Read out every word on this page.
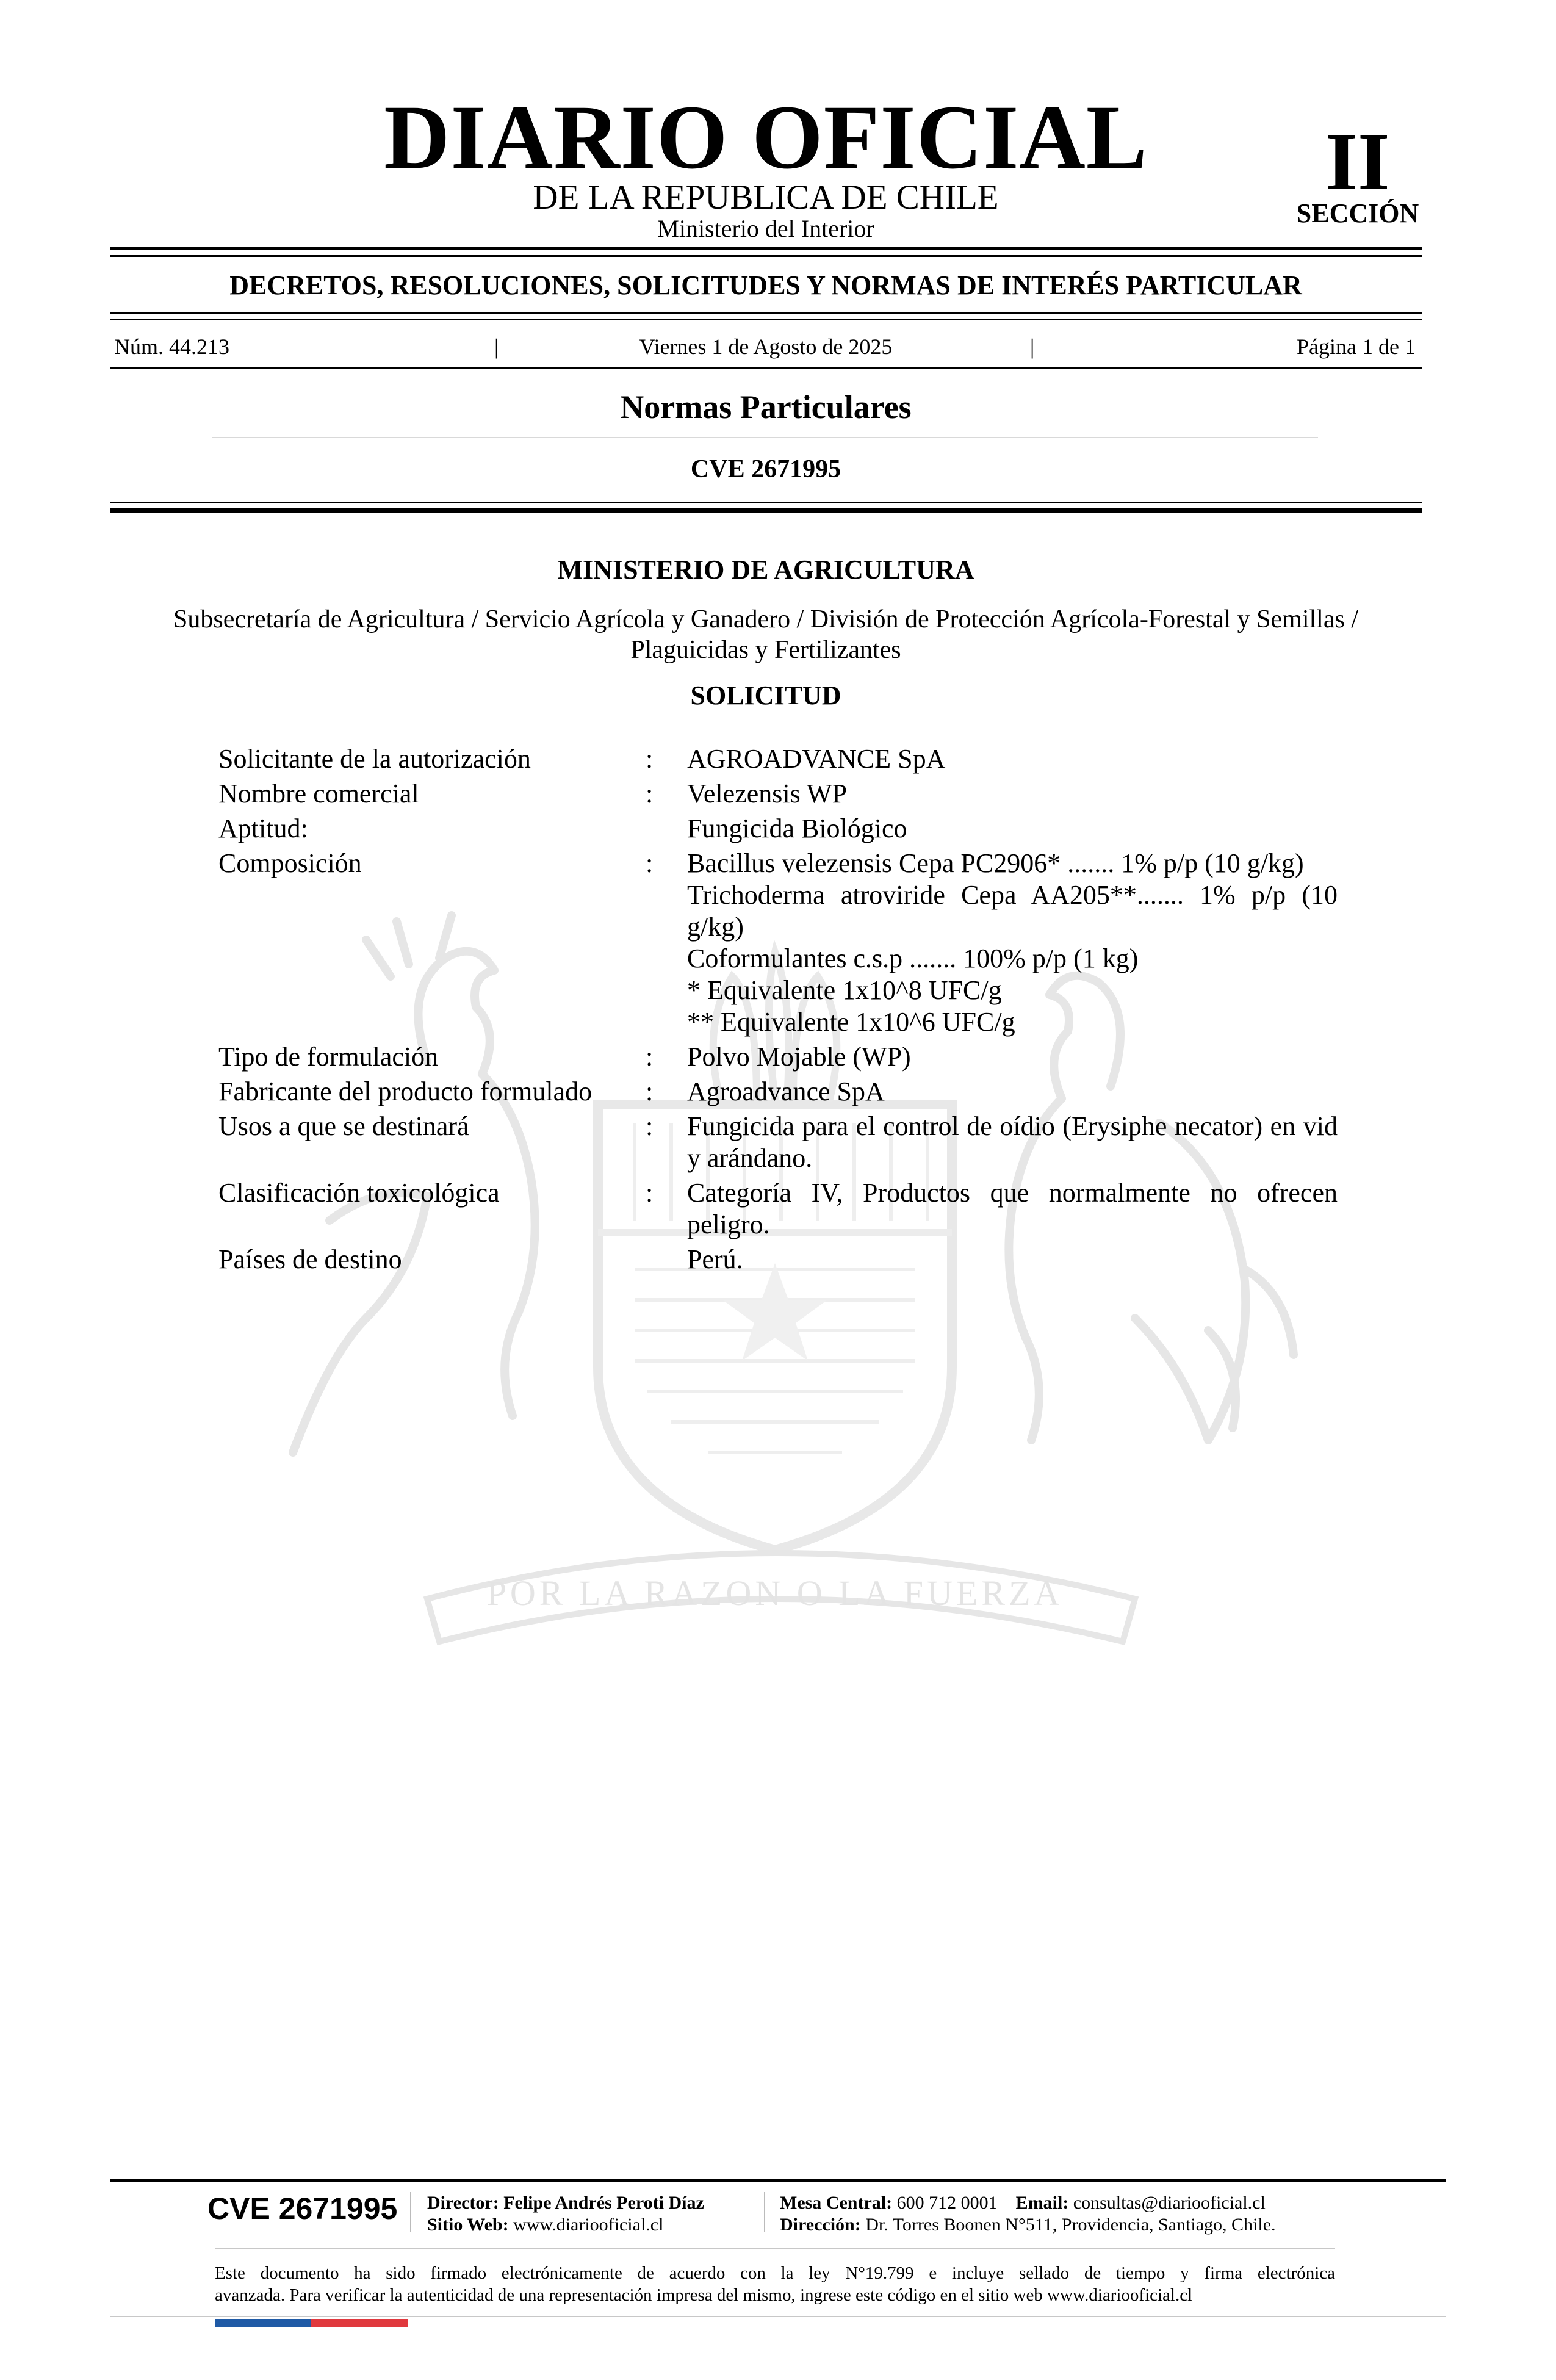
POR LA RAZON O LA FUERZA
DIARIO OFICIAL
DE LA REPUBLICA DE CHILE
Ministerio del Interior
II
SECCIÓN
DECRETOS, RESOLUCIONES, SOLICITUDES Y NORMAS DE INTERÉS PARTICULAR
Núm. 44.213	|	Viernes 1 de Agosto de 2025	|	Página 1 de 1
Normas Particulares
CVE 2671995
MINISTERIO DE AGRICULTURA
Subsecretaría de Agricultura / Servicio Agrícola y Ganadero / División de Protección Agrícola-Forestal y Semillas /
Plaguicidas y Fertilizantes
SOLICITUD
Solicitante de la autorización	:	AGROADVANCE SpA
Nombre comercial	:	Velezensis WP
Aptitud:	Fungicida Biológico
Composición	:	Bacillus velezensis Cepa PC2906* ....... 1% p/p (10 g/kg)
Trichoderma atroviride Cepa AA205**....... 1% p/p (10 g/kg)
Coformulantes c.s.p ....... 100% p/p (1 kg)
* Equivalente 1x10^8 UFC/g
** Equivalente 1x10^6 UFC/g
Tipo de formulación	:	Polvo Mojable (WP)
Fabricante del producto formulado	:	Agroadvance SpA
Usos a que se destinará	:	Fungicida para el control de oídio (Erysiphe necator) en vid y arándano.
Clasificación toxicológica	:	Categoría IV, Productos que normalmente no ofrecen peligro.
Países de destino	Perú.
CVE 2671995 Director: Felipe Andrés Peroti Díaz
Sitio Web: www.diariooficial.cl
Mesa Central: 600 712 0001 Email: consultas@diariooficial.cl
Dirección: Dr. Torres Boonen N°511, Providencia, Santiago, Chile.
Este documento ha sido firmado electrónicamente de acuerdo con la ley N°19.799 e incluye sellado de tiempo y firma electrónica
avanzada. Para verificar la autenticidad de una representación impresa del mismo, ingrese este código en el sitio web www.diariooficial.cl
